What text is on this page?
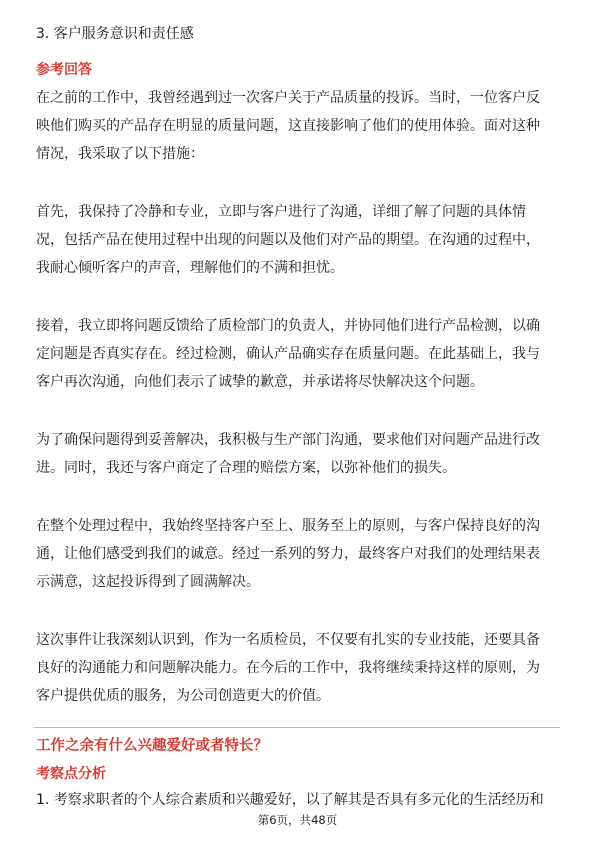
3. 客户服务意识和责任感
参考回答
在之前的工作中，我曾经遇到过一次客户关于产品质量的投诉。当时，一位客户反
映他们购买的产品存在明显的质量问题，这直接影响了他们的使用体验。面对这种
情况，我采取了以下措施：
首先，我保持了冷静和专业，立即与客户进行了沟通，详细了解了问题的具体情
况，包括产品在使用过程中出现的问题以及他们对产品的期望。在沟通的过程中，
我耐心倾听客户的声音，理解他们的不满和担忧。
接着，我立即将问题反馈给了质检部门的负责人，并协同他们进行产品检测，以确
定问题是否真实存在。经过检测，确认产品确实存在质量问题。在此基础上，我与
客户再次沟通，向他们表示了诚挚的歉意，并承诺将尽快解决这个问题。
为了确保问题得到妥善解决，我积极与生产部门沟通，要求他们对问题产品进行改
进。同时，我还与客户商定了合理的赔偿方案，以弥补他们的损失。
在整个处理过程中，我始终坚持客户至上、服务至上的原则，与客户保持良好的沟
通，让他们感受到我们的诚意。经过一系列的努力，最终客户对我们的处理结果表
示满意，这起投诉得到了圆满解决。
这次事件让我深刻认识到，作为一名质检员，不仅要有扎实的专业技能，还要具备
良好的沟通能力和问题解决能力。在今后的工作中，我将继续秉持这样的原则，为
客户提供优质的服务，为公司创造更大的价值。
工作之余有什么兴趣爱好或者特长？
考察点分析
1. 考察求职者的个人综合素质和兴趣爱好，以了解其是否具有多元化的生活经历和
第6页，共48页
